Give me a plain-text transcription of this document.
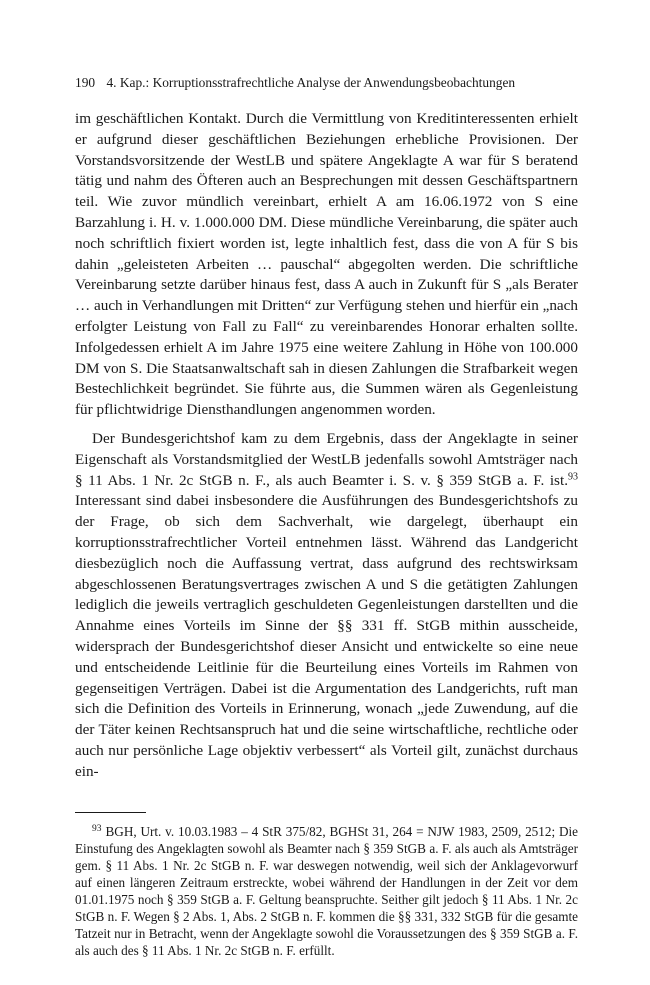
190 4. Kap.: Korruptionsstrafrechtliche Analyse der Anwendungsbeobachtungen

im geschäftlichen Kontakt. Durch die Vermittlung von Kreditinteressenten erhielt er aufgrund dieser geschäftlichen Beziehungen erhebliche Provisionen. Der Vorstandsvorsitzende der WestLB und spätere Angeklagte A war für S beratend tätig und nahm des Öfteren auch an Besprechungen mit dessen Geschäftspartnern teil. Wie zuvor mündlich vereinbart, erhielt A am 16.06.1972 von S eine Barzahlung i. H. v. 1.000.000 DM. Diese mündliche Vereinbarung, die später auch noch schriftlich fixiert worden ist, legte inhaltlich fest, dass die von A für S bis dahin „geleisteten Arbeiten … pauschal“ abgegolten werden. Die schriftliche Vereinbarung setzte darüber hinaus fest, dass A auch in Zukunft für S „als Berater … auch in Verhandlungen mit Dritten“ zur Verfügung stehen und hierfür ein „nach erfolgter Leistung von Fall zu Fall“ zu vereinbarendes Honorar erhalten sollte. Infolgedessen erhielt A im Jahre 1975 eine weitere Zahlung in Höhe von 100.000 DM von S. Die Staatsanwaltschaft sah in diesen Zahlungen die Strafbarkeit wegen Bestechlichkeit begründet. Sie führte aus, die Summen wären als Gegenleistung für pflichtwidrige Diensthandlungen angenommen worden.

Der Bundesgerichtshof kam zu dem Ergebnis, dass der Angeklagte in seiner Eigenschaft als Vorstandsmitglied der WestLB jedenfalls sowohl Amtsträger nach § 11 Abs. 1 Nr. 2c StGB n. F., als auch Beamter i. S. v. § 359 StGB a. F. ist.$^{93}$ Interessant sind dabei insbesondere die Ausführungen des Bundesgerichtshofs zu der Frage, ob sich dem Sachverhalt, wie dargelegt, überhaupt ein korruptionsstrafrechtlicher Vorteil entnehmen lässt. Während das Landgericht diesbezüglich noch die Auffassung vertrat, dass aufgrund des rechtswirksam abgeschlossenen Beratungsvertrages zwischen A und S die getätigten Zahlungen lediglich die jeweils vertraglich geschuldeten Gegenleistungen darstellten und die Annahme eines Vorteils im Sinne der §§ 331 ff. StGB mithin ausscheide, widersprach der Bundesgerichtshof dieser Ansicht und entwickelte so eine neue und entscheidende Leitlinie für die Beurteilung eines Vorteils im Rahmen von gegenseitigen Verträgen. Dabei ist die Argumentation des Landgerichts, ruft man sich die Definition des Vorteils in Erinnerung, wonach „jede Zuwendung, auf die der Täter keinen Rechtsanspruch hat und die seine wirtschaftliche, rechtliche oder auch nur persönliche Lage objektiv verbessert“ als Vorteil gilt, zunächst durchaus ein-

$^{93}$ BGH, Urt. v. 10.03.1983 – 4 StR 375/82, BGHSt 31, 264 = NJW 1983, 2509, 2512; Die Einstufung des Angeklagten sowohl als Beamter nach § 359 StGB a. F. als auch als Amtsträger gem. § 11 Abs. 1 Nr. 2c StGB n. F. war deswegen notwendig, weil sich der Anklagevorwurf auf einen längeren Zeitraum erstreckte, wobei während der Handlungen in der Zeit vor dem 01.01.1975 noch § 359 StGB a. F. Geltung beanspruchte. Seither gilt jedoch § 11 Abs. 1 Nr. 2c StGB n. F. Wegen § 2 Abs. 1, Abs. 2 StGB n. F. kommen die §§ 331, 332 StGB für die gesamte Tatzeit nur in Betracht, wenn der Angeklagte sowohl die Voraussetzungen des § 359 StGB a. F. als auch des § 11 Abs. 1 Nr. 2c StGB n. F. erfüllt.
